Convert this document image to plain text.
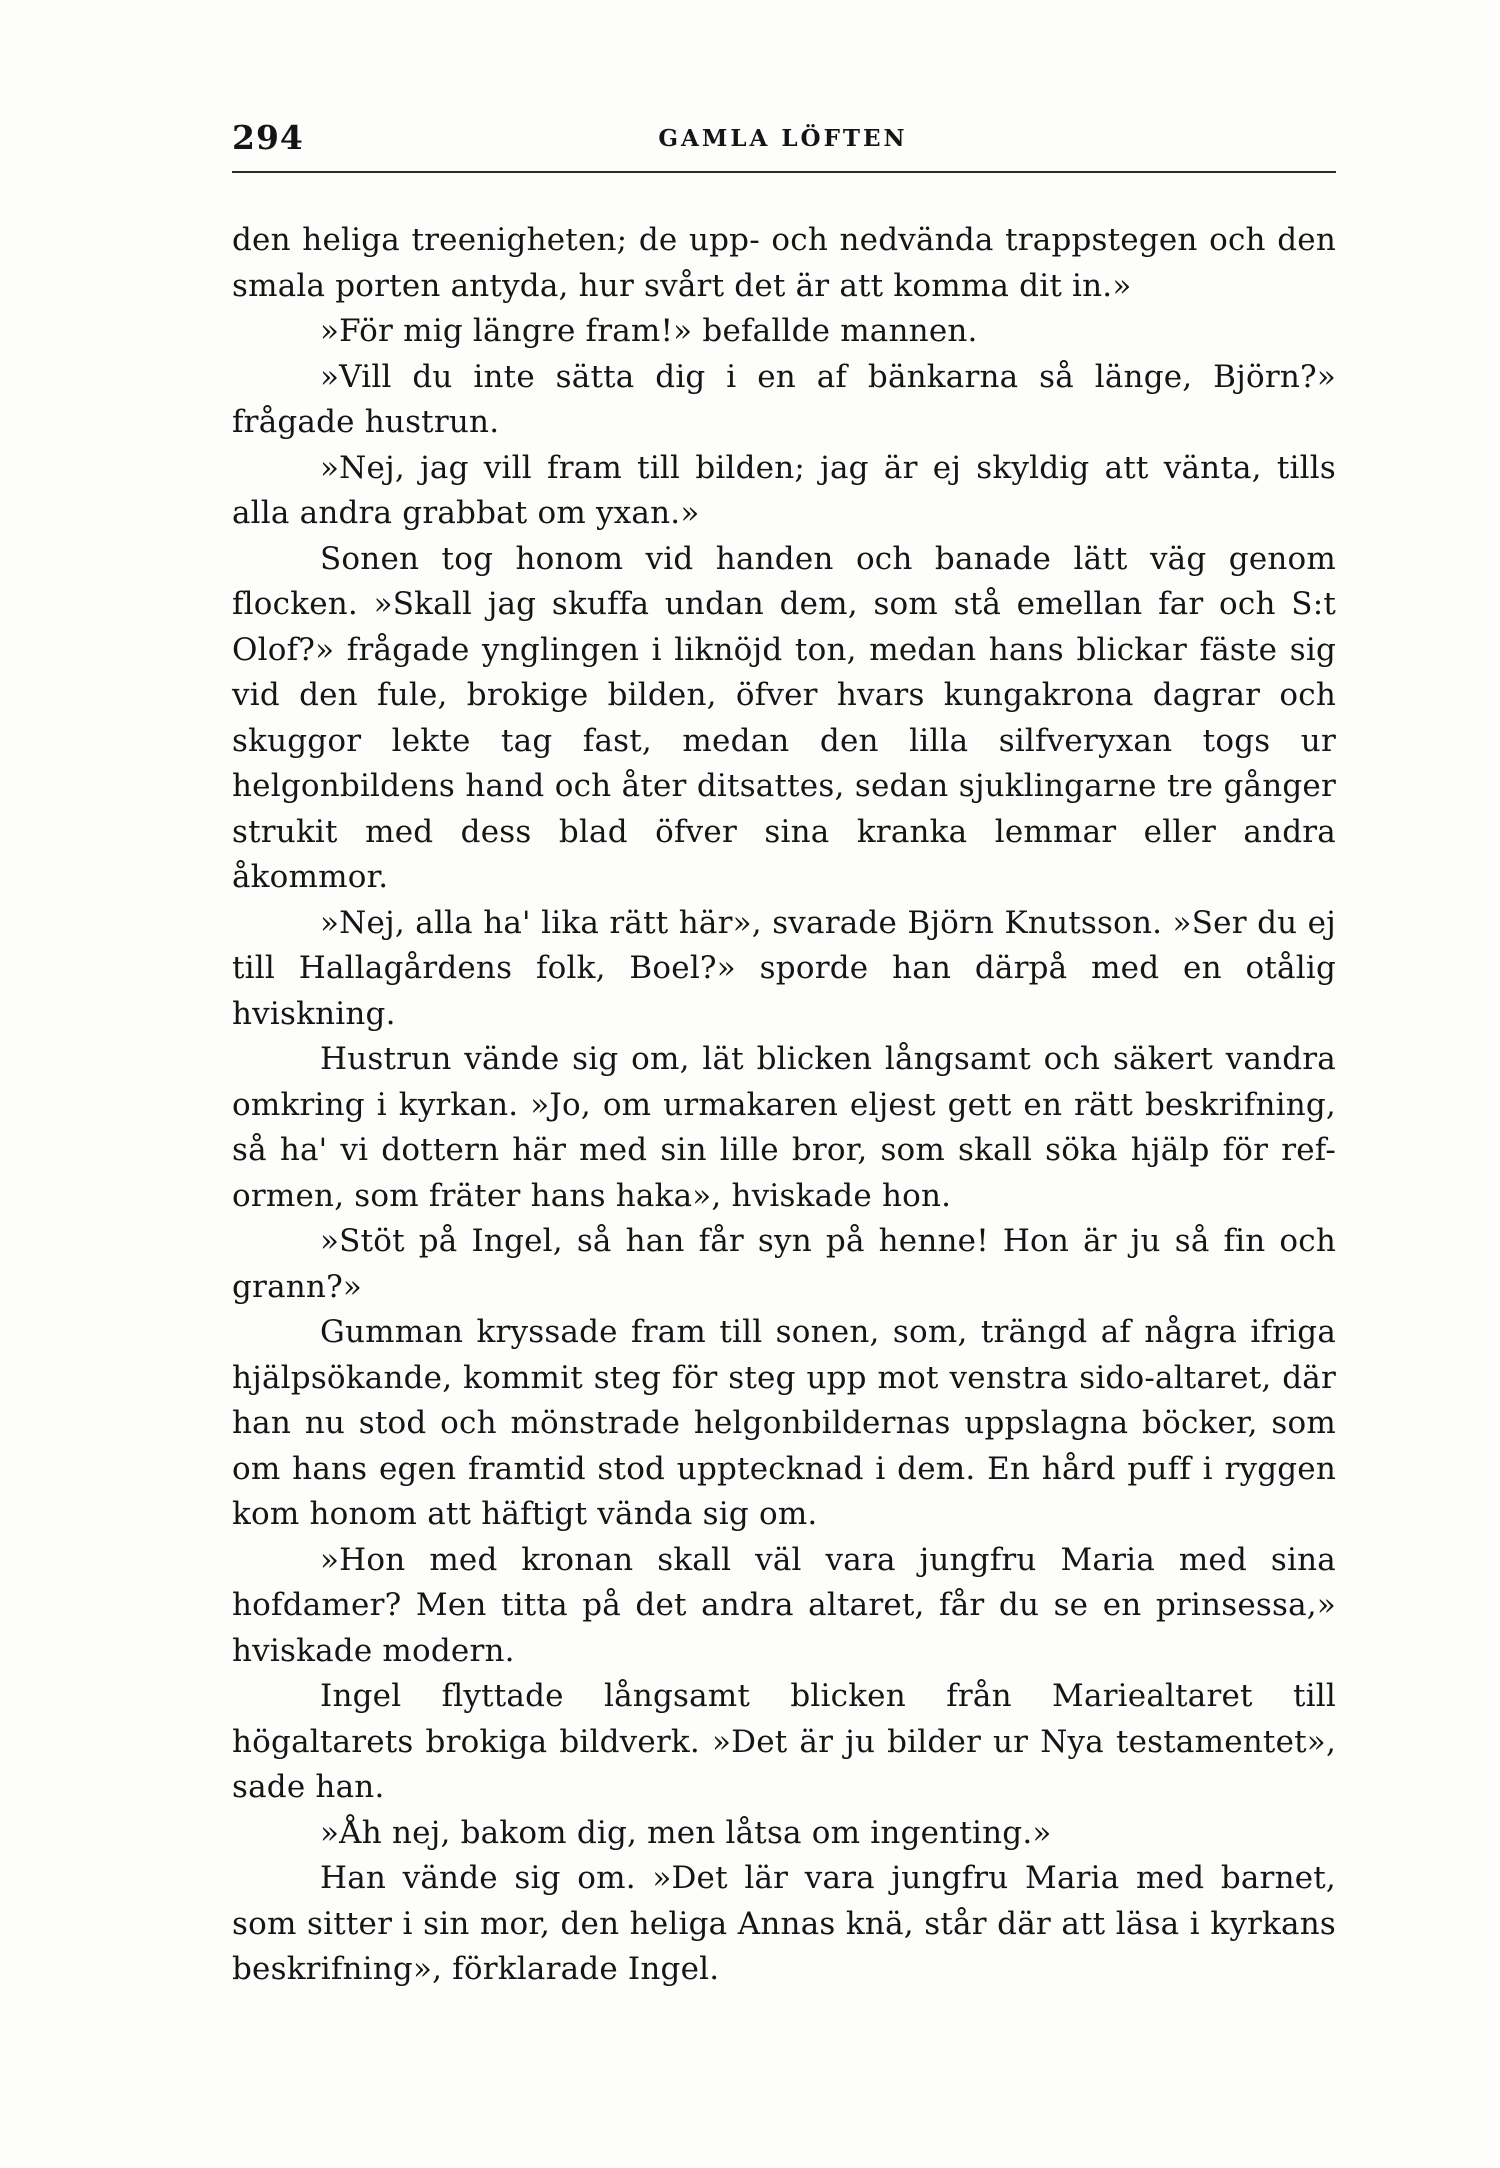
294	GAMLA LÖFTEN

den heliga treenigheten; de upp- och nedvända trappstegen och den smala porten antyda, hur svårt det är att komma dit in.»

»För mig längre fram!» befallde mannen.

»Vill du inte sätta dig i en af bänkarna så länge, Björn?» frågade hustrun.

»Nej, jag vill fram till bilden; jag är ej skyldig att vänta, tills alla andra grabbat om yxan.»

Sonen tog honom vid handen och banade lätt väg genom flocken. »Skall jag skuffa undan dem, som stå emellan far och S:t Olof?» frågade ynglingen i liknöjd ton, medan hans blickar fäste sig vid den fule, brokige bilden, öfver hvars kungakrona dagrar och skuggor lekte tag fast, medan den lilla silfveryxan togs ur helgonbildens hand och åter ditsattes, sedan sjuklingarne tre gånger strukit med dess blad öfver sina kranka lemmar eller andra åkommor.

»Nej, alla ha' lika rätt här», svarade Björn Knutsson. »Ser du ej till Hallagårdens folk, Boel?» sporde han därpå med en otålig hviskning.

Hustrun vände sig om, lät blicken långsamt och säkert vandra omkring i kyrkan. »Jo, om urmakaren eljest gett en rätt beskrifning, så ha' vi dottern här med sin lille bror, som skall söka hjälp för ref-ormen, som fräter hans haka», hviskade hon.

»Stöt på Ingel, så han får syn på henne! Hon är ju så fin och grann?»

Gumman kryssade fram till sonen, som, trängd af några ifriga hjälpsökande, kommit steg för steg upp mot venstra sido-altaret, där han nu stod och mönstrade helgonbildernas uppslagna böcker, som om hans egen framtid stod upptecknad i dem. En hård puff i ryggen kom honom att häftigt vända sig om.

»Hon med kronan skall väl vara jungfru Maria med sina hofdamer? Men titta på det andra altaret, får du se en prinsessa,» hviskade modern.

Ingel flyttade långsamt blicken från Mariealtaret till högaltarets brokiga bildverk. »Det är ju bilder ur Nya testamentet», sade han.

»Åh nej, bakom dig, men låtsa om ingenting.»

Han vände sig om. »Det lär vara jungfru Maria med barnet, som sitter i sin mor, den heliga Annas knä, står där att läsa i kyrkans beskrifning», förklarade Ingel.
